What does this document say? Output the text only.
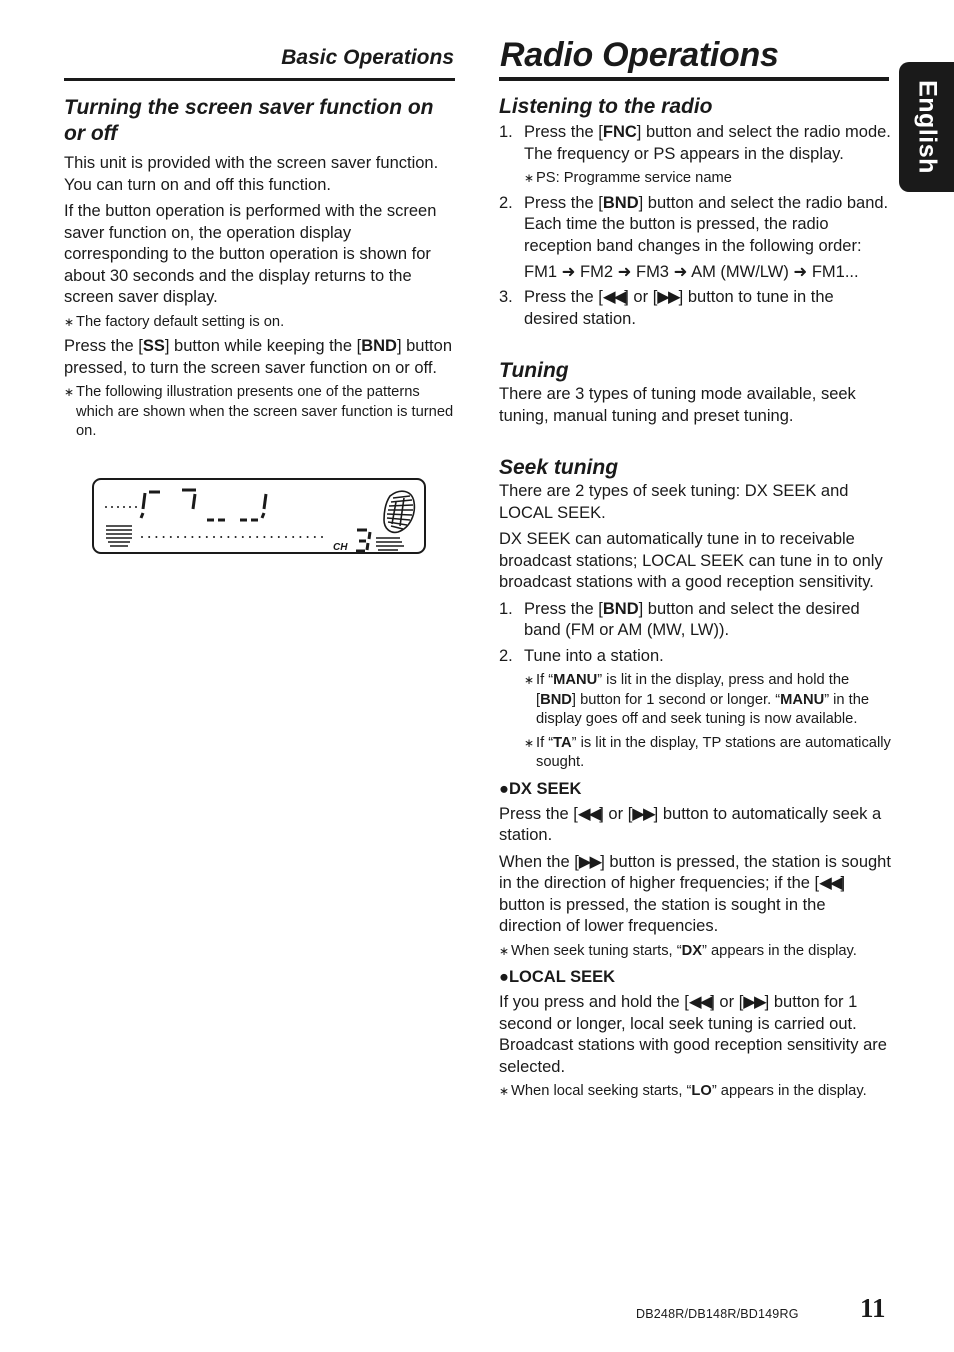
Basic Operations Radio Operations
English
Turning the screen saver function on or off

This unit is provided with the screen saver function. You can turn on and off this function.

If the button operation is performed with the screen saver function on, the operation display corresponding to the button operation is shown for about 30 seconds and the display returns to the screen saver display.

∗ The factory default setting is on.

Press the [SS] button while keeping the [BND] button pressed, to turn the screen saver function on or off.

∗ The following illustration presents one of the patterns which are shown when the screen saver function is turned on.
CH
Listening to the radio
1. Press the [FNC] button and select the radio mode. The frequency or PS appears in the display.
∗ PS: Programme service name
2. Press the [BND] button and select the radio band. Each time the button is pressed, the radio reception band changes in the following order:
FM1 ➜ FM2 ➜ FM3 ➜ AM (MW/LW) ➜ FM1...
3. Press the [◀◀] or [▶▶] button to tune in the desired station.
Tuning

There are 3 types of tuning mode available, seek tuning, manual tuning and preset tuning.

Seek tuning

There are 2 types of seek tuning: DX SEEK and LOCAL SEEK.

DX SEEK can automatically tune in to receivable broadcast stations; LOCAL SEEK can tune in to only broadcast stations with a good reception sensitivity.

1. Press the [BND] button and select the desired band (FM or AM (MW, LW)).
2. Tune into a station.
∗ If “MANU” is lit in the display, press and hold the [BND] button for 1 second or longer. “MANU” in the display goes off and seek tuning is now available.
∗ If “TA” is lit in the display, TP stations are automatically sought.
●DX SEEK

Press the [◀◀] or [▶▶] button to automatically seek a station.

When the [▶▶] button is pressed, the station is sought in the direction of higher frequencies; if the [◀◀] button is pressed, the station is sought in the direction of lower frequencies.

∗ When seek tuning starts, “DX” appears in the display.
●LOCAL SEEK

If you press and hold the [◀◀] or [▶▶] button for 1 second or longer, local seek tuning is carried out. Broadcast stations with good reception sensitivity are selected.

∗ When local seeking starts, “LO” appears in the display.
DB248R/DB148R/BD149RG 11
